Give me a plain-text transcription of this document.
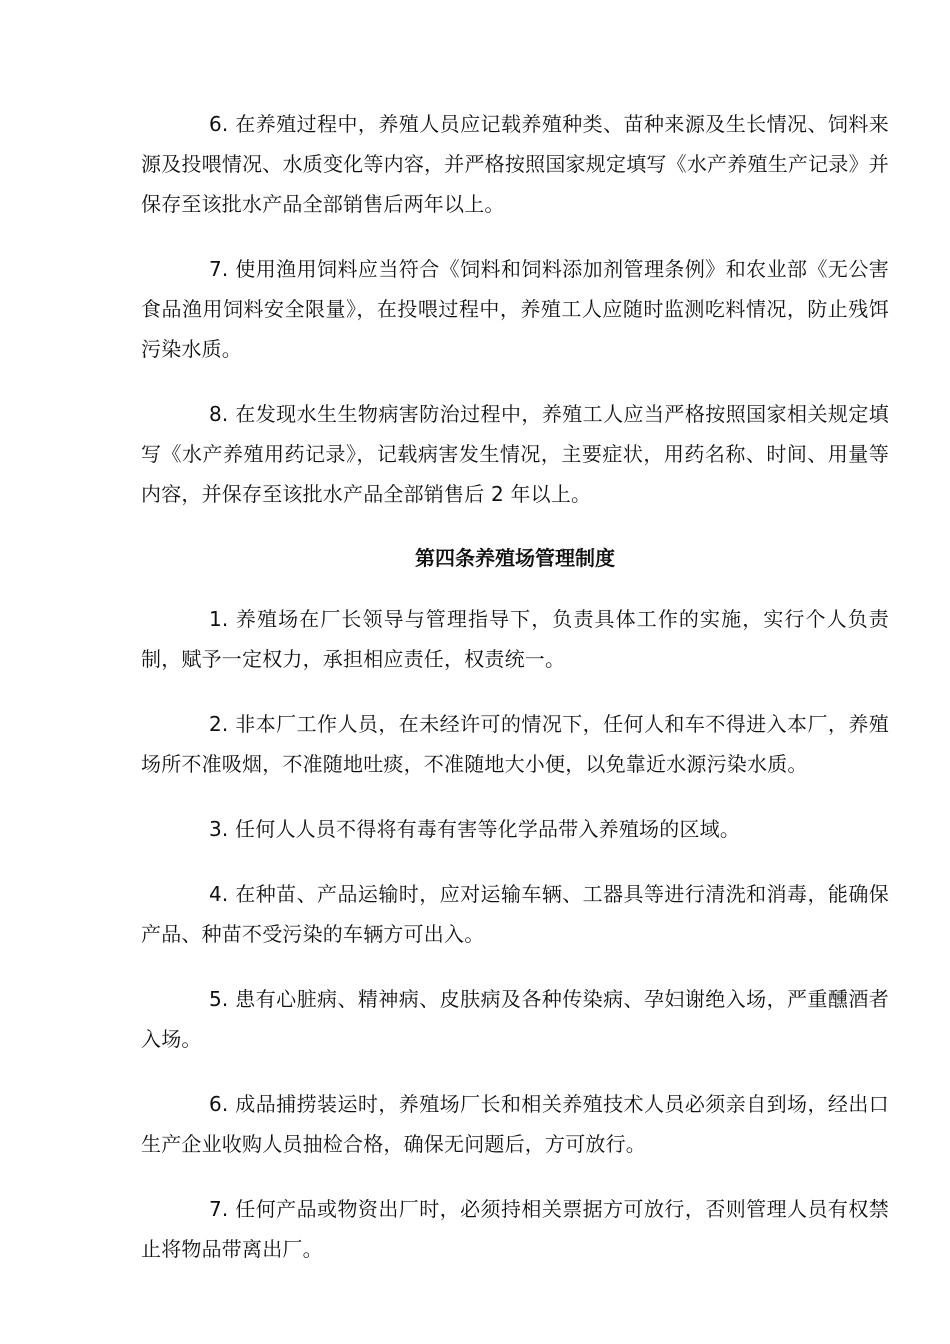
6. 在养殖过程中，养殖人员应记载养殖种类、苗种来源及生长情况、饲料来源及投喂情况、水质变化等内容，并严格按照国家规定填写《水产养殖生产记录》并保存至该批水产品全部销售后两年以上。

7. 使用渔用饲料应当符合《饲料和饲料添加剂管理条例》和农业部《无公害食品渔用饲料安全限量》，在投喂过程中，养殖工人应随时监测吃料情况，防止残饵污染水质。

8. 在发现水生生物病害防治过程中，养殖工人应当严格按照国家相关规定填写《水产养殖用药记录》，记载病害发生情况，主要症状，用药名称、时间、用量等内容，并保存至该批水产品全部销售后 2 年以上。

第四条养殖场管理制度

1. 养殖场在厂长领导与管理指导下，负责具体工作的实施，实行个人负责制，赋予一定权力，承担相应责任，权责统一。

2. 非本厂工作人员，在未经许可的情况下，任何人和车不得进入本厂，养殖场所不准吸烟，不准随地吐痰，不准随地大小便，以免靠近水源污染水质。

3. 任何人人员不得将有毒有害等化学品带入养殖场的区域。

4. 在种苗、产品运输时，应对运输车辆、工器具等进行清洗和消毒，能确保产品、种苗不受污染的车辆方可出入。

5. 患有心脏病、精神病、皮肤病及各种传染病、孕妇谢绝入场，严重醺酒者入场。

6. 成品捕捞装运时，养殖场厂长和相关养殖技术人员必须亲自到场，经出口生产企业收购人员抽检合格，确保无问题后，方可放行。

7. 任何产品或物资出厂时，必须持相关票据方可放行，否则管理人员有权禁止将物品带离出厂。
